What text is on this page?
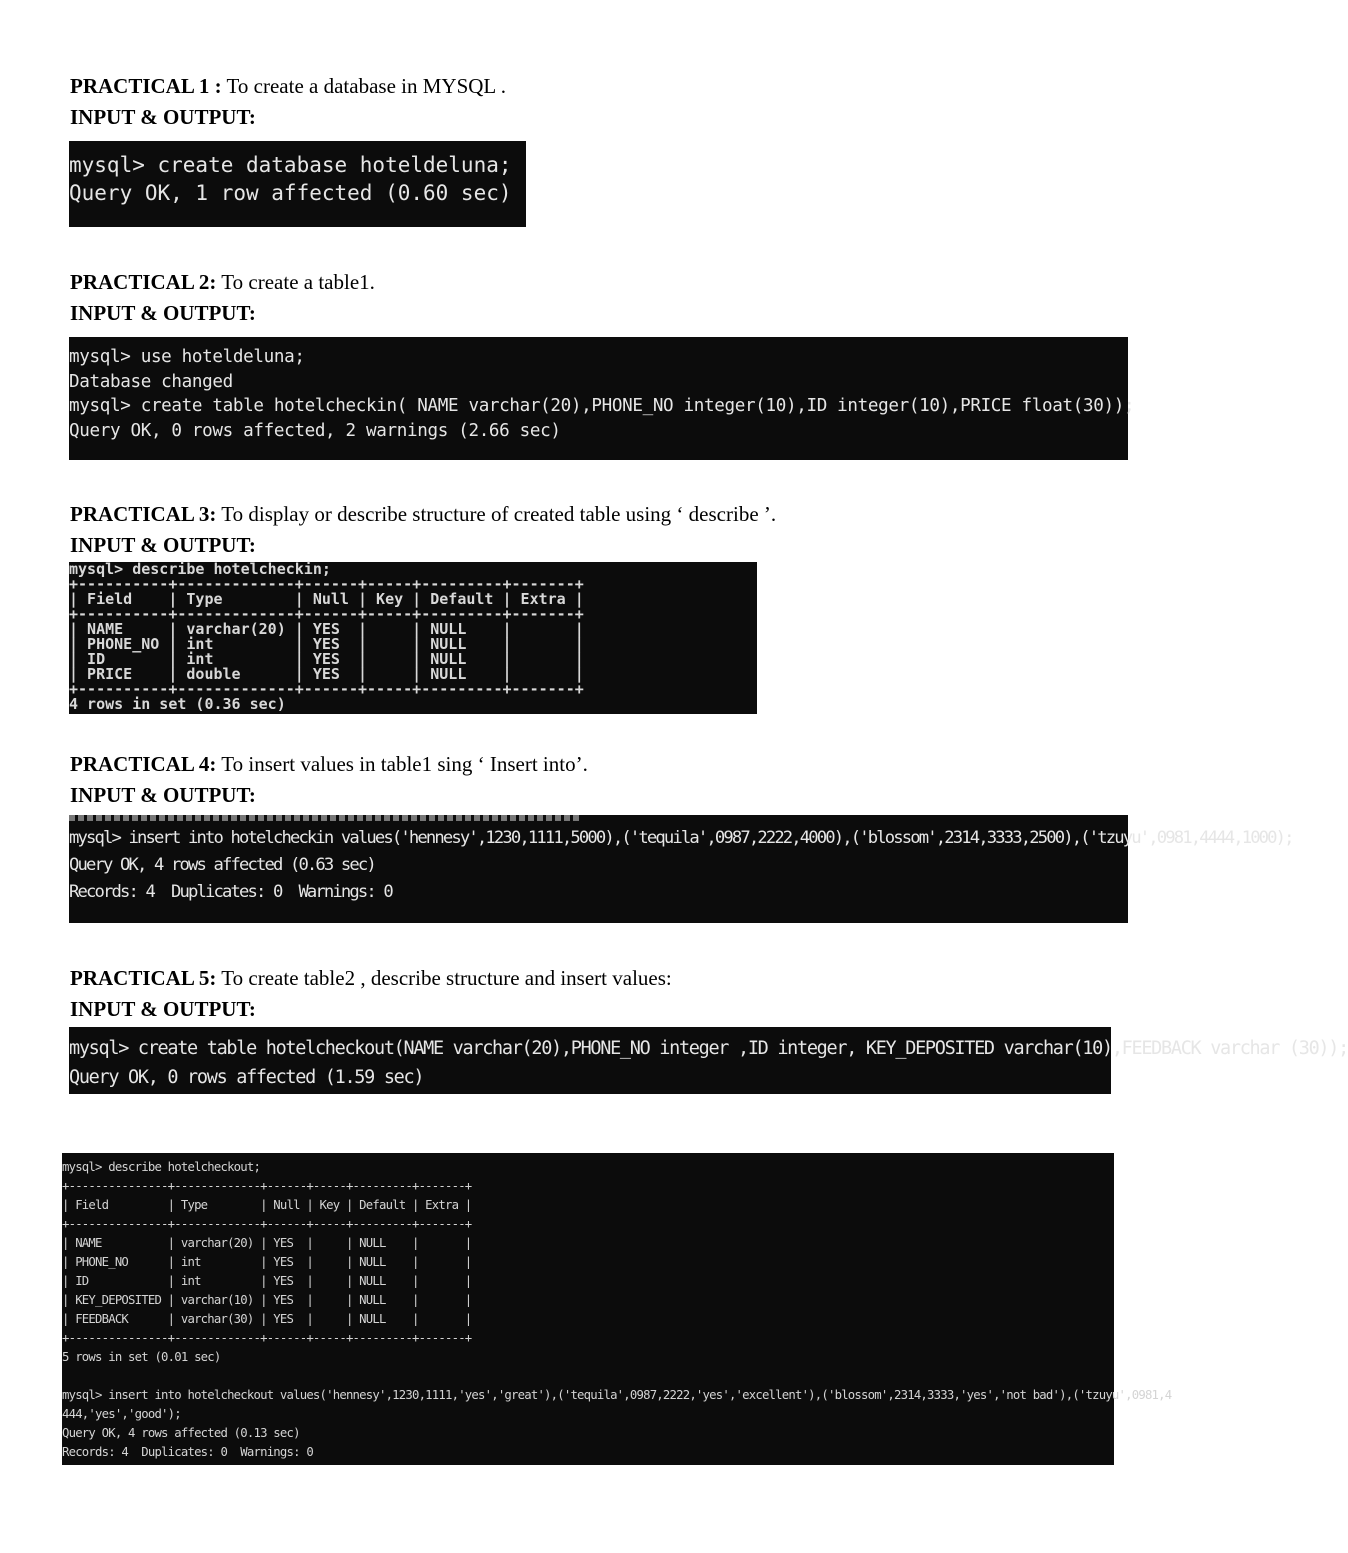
PRACTICAL 1 : To create a database in MYSQL .
INPUT & OUTPUT:
mysql> create database hoteldeluna;
Query OK, 1 row affected (0.60 sec)
PRACTICAL 2: To create a table1.
INPUT & OUTPUT:
mysql> use hoteldeluna;
Database changed
mysql> create table hotelcheckin( NAME varchar(20),PHONE_NO integer(10),ID integer(10),PRICE float(30));
Query OK, 0 rows affected, 2 warnings (2.66 sec)
PRACTICAL 3: To display or describe structure of created table using ‘ describe ’.
INPUT & OUTPUT:
mysql> describe hotelcheckin;
+----------+-------------+------+-----+---------+-------+
| Field    | Type        | Null | Key | Default | Extra |
+----------+-------------+------+-----+---------+-------+
| NAME     | varchar(20) | YES  |     | NULL    |       |
| PHONE_NO | int         | YES  |     | NULL    |       |
| ID       | int         | YES  |     | NULL    |       |
| PRICE    | double      | YES  |     | NULL    |       |
+----------+-------------+------+-----+---------+-------+
4 rows in set (0.36 sec)
PRACTICAL 4: To insert values in table1 sing ‘ Insert into’.
INPUT & OUTPUT:
mysql> insert into hotelcheckin values('hennesy',1230,1111,5000),('tequila',0987,2222,4000),('blossom',2314,3333,2500),('tzuyu',0981,4444,1000);
Query OK, 4 rows affected (0.63 sec)
Records: 4  Duplicates: 0  Warnings: 0
PRACTICAL 5: To create table2 , describe structure and insert values:
INPUT & OUTPUT:
mysql> create table hotelcheckout(NAME varchar(20),PHONE_NO integer ,ID integer, KEY_DEPOSITED varchar(10),FEEDBACK varchar (30));
Query OK, 0 rows affected (1.59 sec)
mysql> describe hotelcheckout;
+---------------+-------------+------+-----+---------+-------+
| Field         | Type        | Null | Key | Default | Extra |
+---------------+-------------+------+-----+---------+-------+
| NAME          | varchar(20) | YES  |     | NULL    |       |
| PHONE_NO      | int         | YES  |     | NULL    |       |
| ID            | int         | YES  |     | NULL    |       |
| KEY_DEPOSITED | varchar(10) | YES  |     | NULL    |       |
| FEEDBACK      | varchar(30) | YES  |     | NULL    |       |
+---------------+-------------+------+-----+---------+-------+
5 rows in set (0.01 sec)

mysql> insert into hotelcheckout values('hennesy',1230,1111,'yes','great'),('tequila',0987,2222,'yes','excellent'),('blossom',2314,3333,'yes','not bad'),('tzuyu',0981,4
444,'yes','good');
Query OK, 4 rows affected (0.13 sec)
Records: 4  Duplicates: 0  Warnings: 0
